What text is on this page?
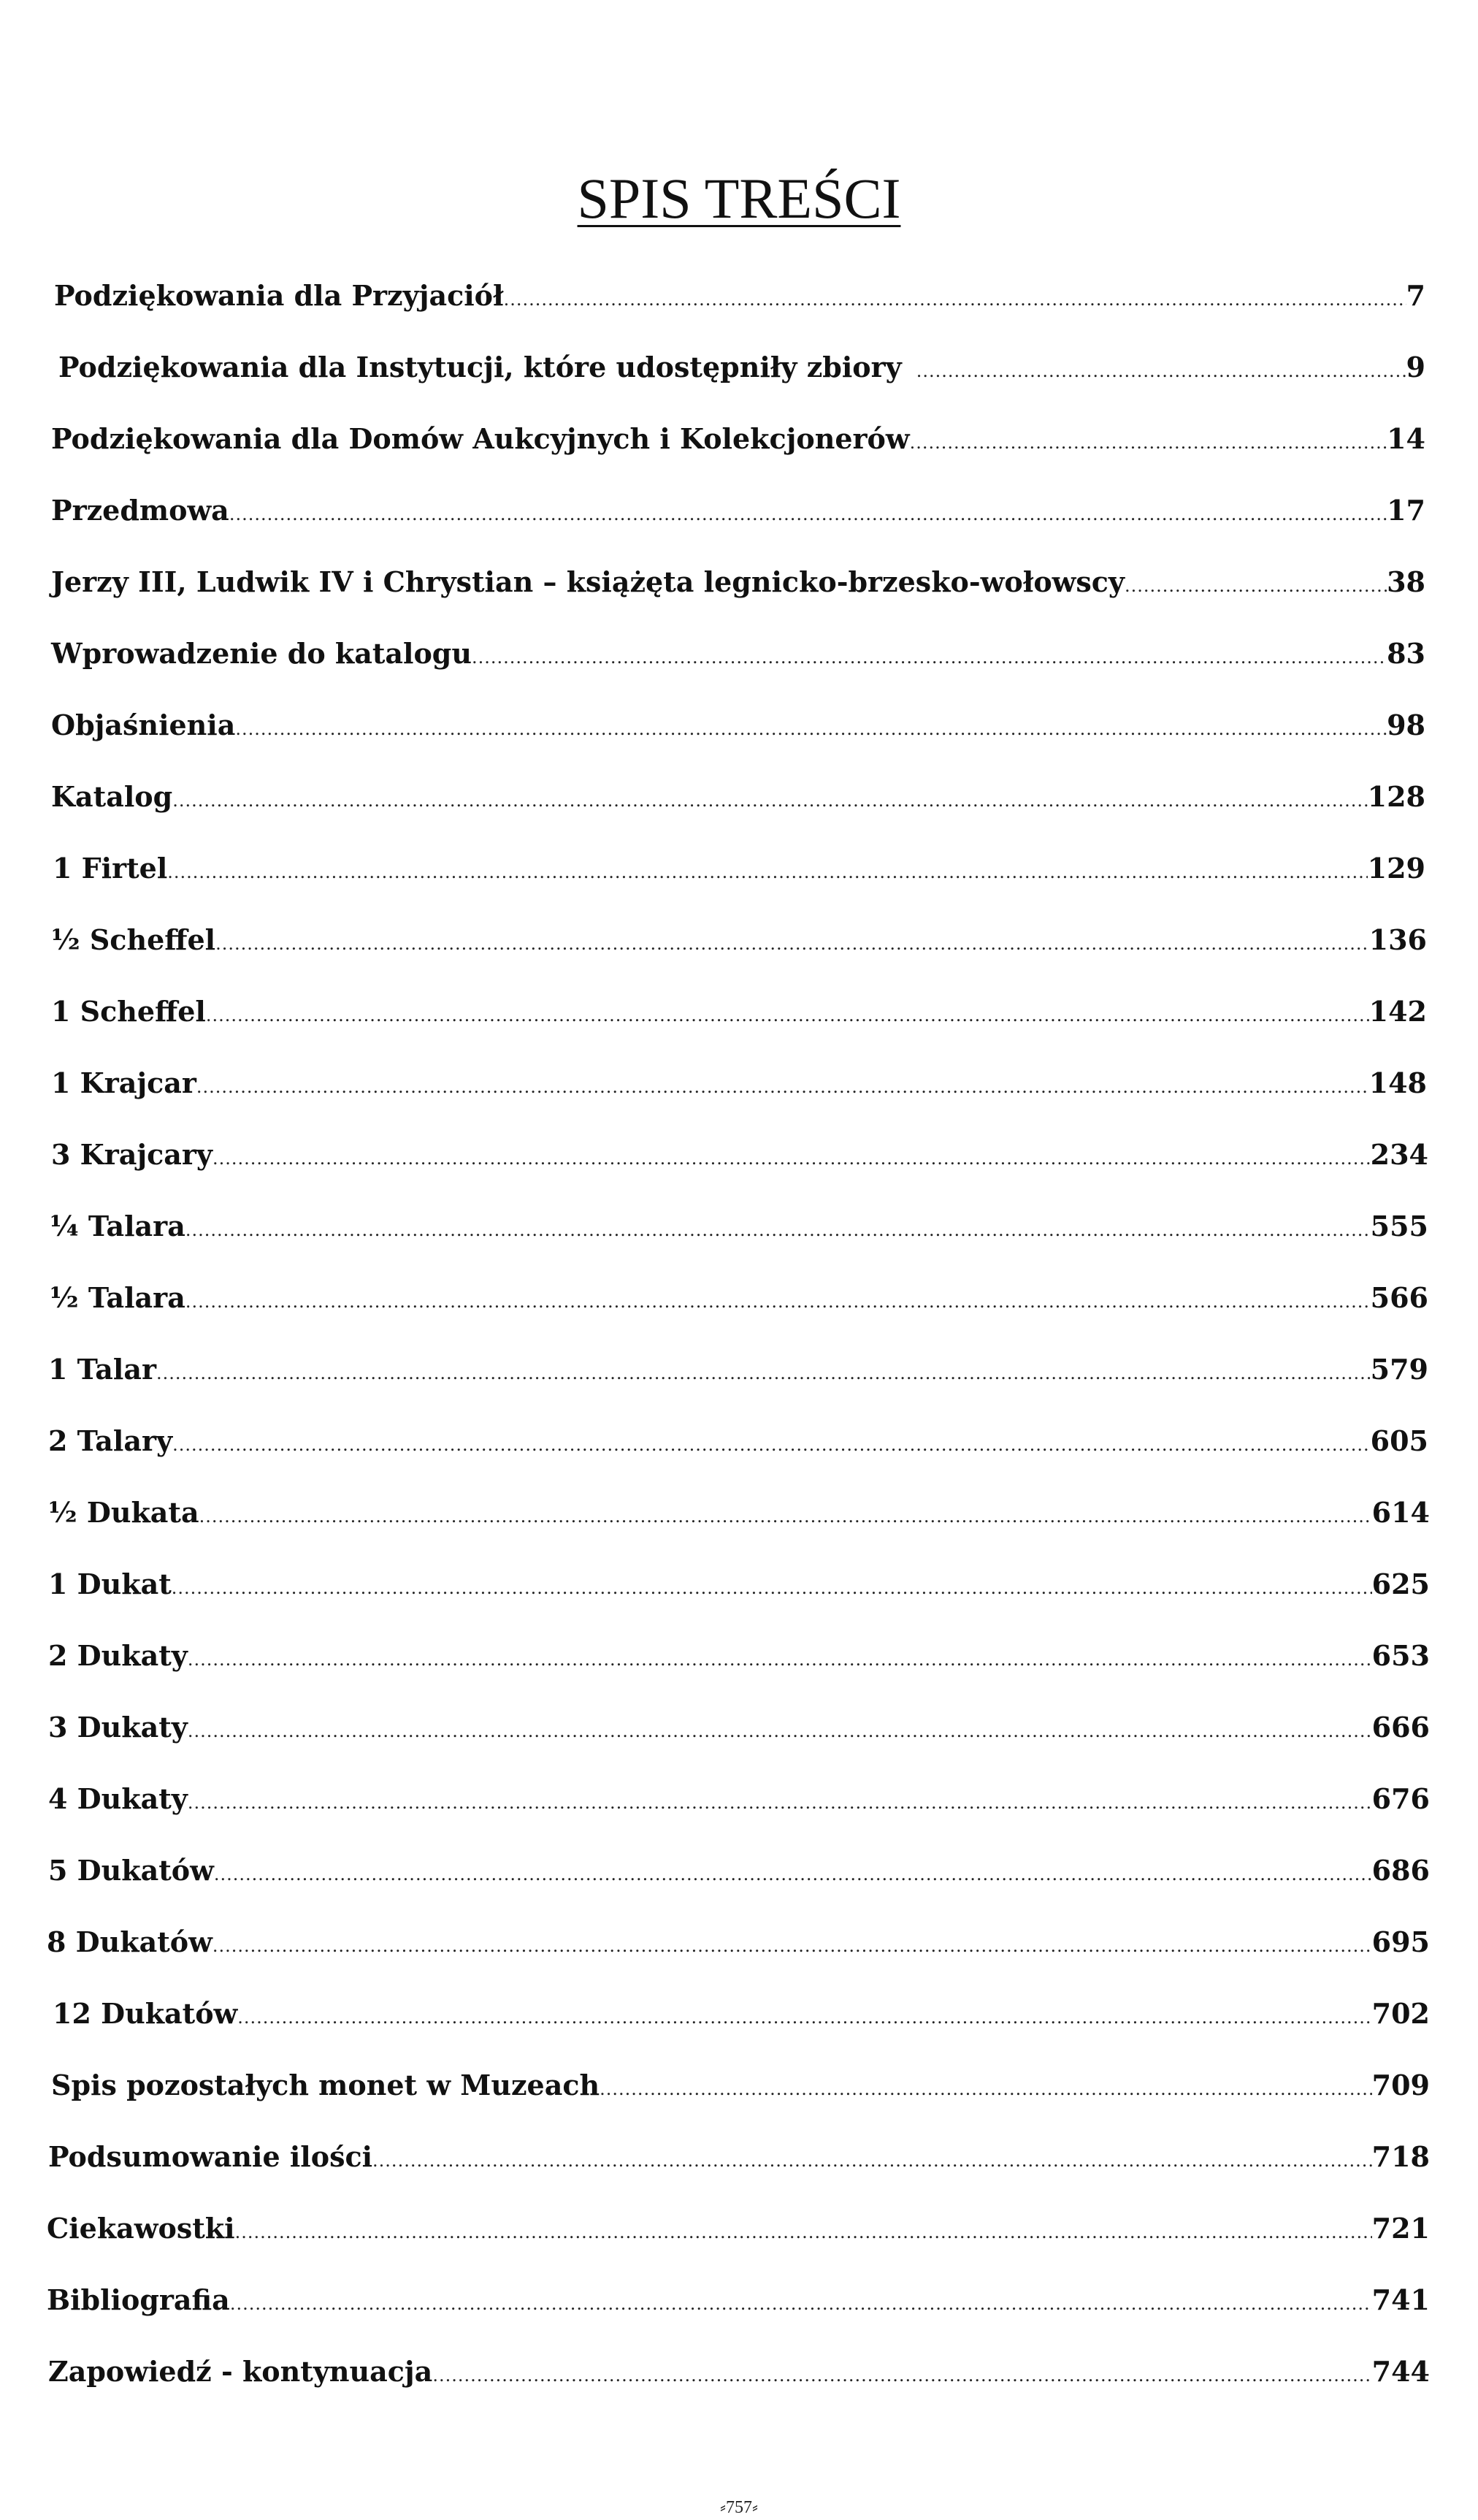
SPIS TREŚCI
Podziękowania dla Przyjaciół .....	7
Podziękowania dla Instytucji, które udostępniły zbiory .....	9
Podziękowania dla Domów Aukcyjnych i Kolekcjonerów .....	14
Przedmowa .....	17
Jerzy III, Ludwik IV i Chrystian – książęta legnicko-brzesko-wołowscy .....	38
Wprowadzenie do katalogu .....	83
Objaśnienia .....	98
Katalog .....	128
1 Firtel .....	129
½ Scheffel .....	136
1 Scheffel .....	142
1 Krajcar .....	148
3 Krajcary .....	234
¼ Talara .....	555
½ Talara .....	566
1 Talar .....	579
2 Talary .....	605
½ Dukata .....	614
1 Dukat .....	625
2 Dukaty .....	653
3 Dukaty .....	666
4 Dukaty .....	676
5 Dukatów .....	686
8 Dukatów .....	695
12 Dukatów .....	702
Spis pozostałych monet w Muzeach .....	709
Podsumowanie ilości .....	718
Ciekawostki .....	721
Bibliografia .....	741
Zapowiedź - kontynuacja .....	744
⸗757⸗
